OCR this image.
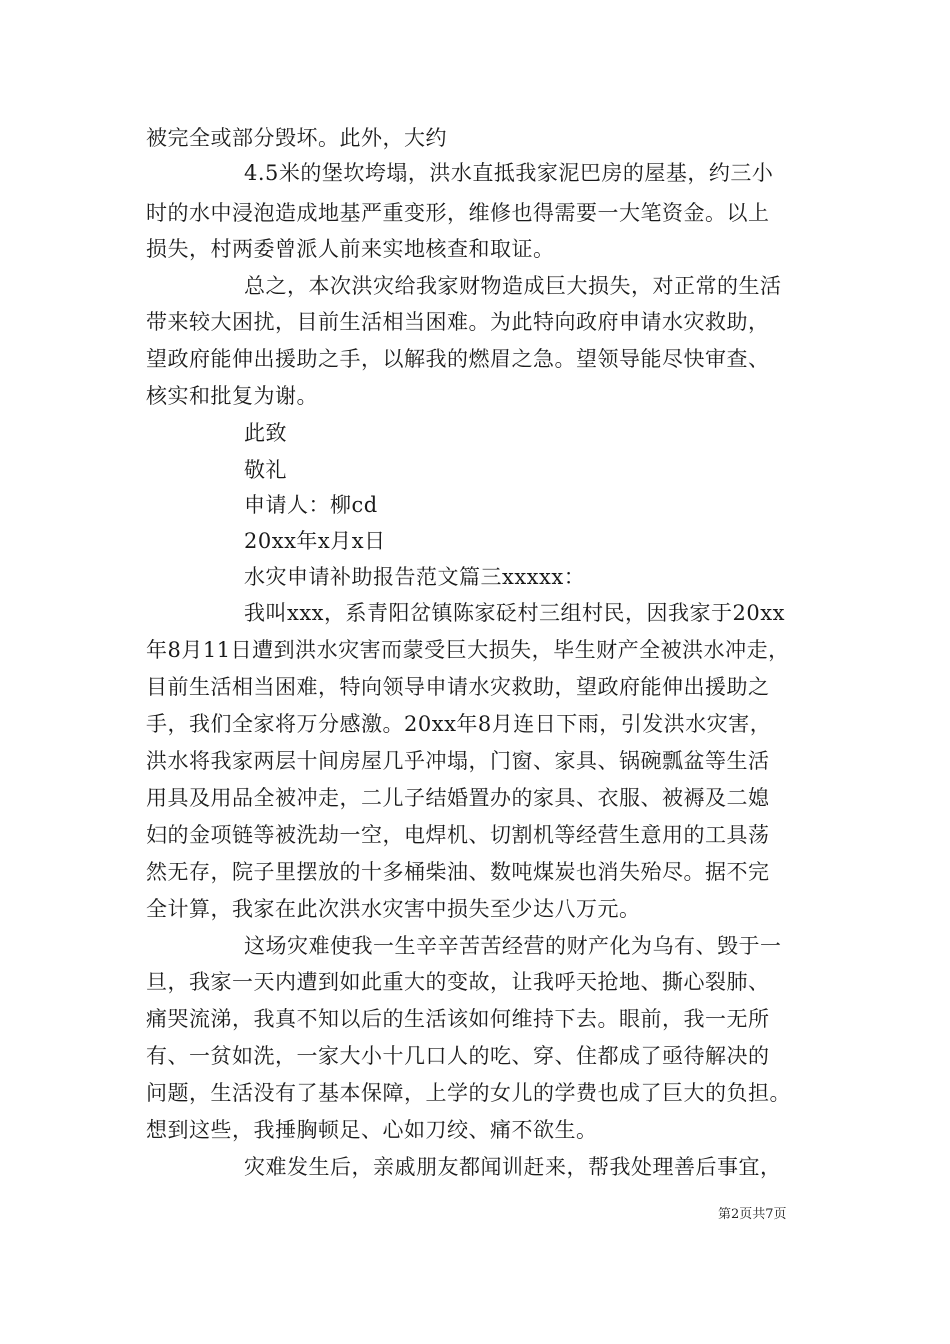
被完全或部分毁坏。此外，大约
4.5米的堡坎垮塌，洪水直抵我家泥巴房的屋基，约三小
时的水中浸泡造成地基严重变形，维修也得需要一大笔资金。以上
损失，村两委曾派人前来实地核查和取证。
总之，本次洪灾给我家财物造成巨大损失，对正常的生活
带来较大困扰，目前生活相当困难。为此特向政府申请水灾救助，
望政府能伸出援助之手，以解我的燃眉之急。望领导能尽快审查、
核实和批复为谢。
此致
敬礼
申请人：柳cd
20xx年x月x日
水灾申请补助报告范文篇三xxxxx：
我叫xxx，系青阳岔镇陈家砭村三组村民，因我家于20xx
年8月11日遭到洪水灾害而蒙受巨大损失，毕生财产全被洪水冲走，
目前生活相当困难，特向领导申请水灾救助，望政府能伸出援助之
手，我们全家将万分感激。20xx年8月连日下雨，引发洪水灾害，
洪水将我家两层十间房屋几乎冲塌，门窗、家具、锅碗瓢盆等生活
用具及用品全被冲走，二儿子结婚置办的家具、衣服、被褥及二媳
妇的金项链等被洗劫一空，电焊机、切割机等经营生意用的工具荡
然无存，院子里摆放的十多桶柴油、数吨煤炭也消失殆尽。据不完
全计算，我家在此次洪水灾害中损失至少达八万元。
这场灾难使我一生辛辛苦苦经营的财产化为乌有、毁于一
旦，我家一天内遭到如此重大的变故，让我呼天抢地、撕心裂肺、
痛哭流涕，我真不知以后的生活该如何维持下去。眼前，我一无所
有、一贫如洗，一家大小十几口人的吃、穿、住都成了亟待解决的
问题，生活没有了基本保障，上学的女儿的学费也成了巨大的负担。
想到这些，我捶胸顿足、心如刀绞、痛不欲生。
灾难发生后，亲戚朋友都闻训赶来，帮我处理善后事宜，
第2页共7页
